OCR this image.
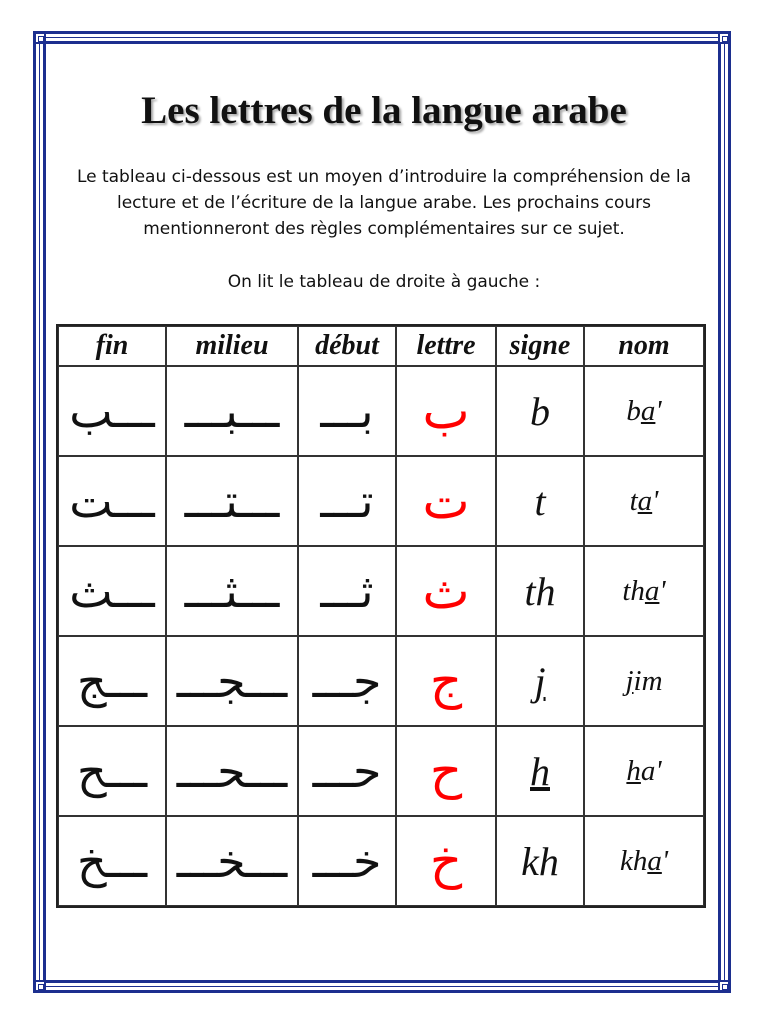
Les lettres de la langue arabe
Le tableau ci-dessous est un moyen d’introduire la compréhension de la lecture et de l’écriture de la langue arabe. Les prochains cours mentionneront des règles complémentaires sur ce sujet.
On lit le tableau de droite à gauche :
fin	milieu	début	lettre	signe	nom
ـــب	ـــبـــ	بـــ	ب	b	ba'
ـــت	ـــتـــ	تـــ	ت	t	ta'
ـــث	ـــثـــ	ثـــ	ث	th	tha'
ـــج	ـــجـــ	جـــ	ج	j	jim
ـــح	ـــحـــ	حـــ	ح	h	ha'
ـــخ	ـــخـــ	خـــ	خ	kh	kha'
